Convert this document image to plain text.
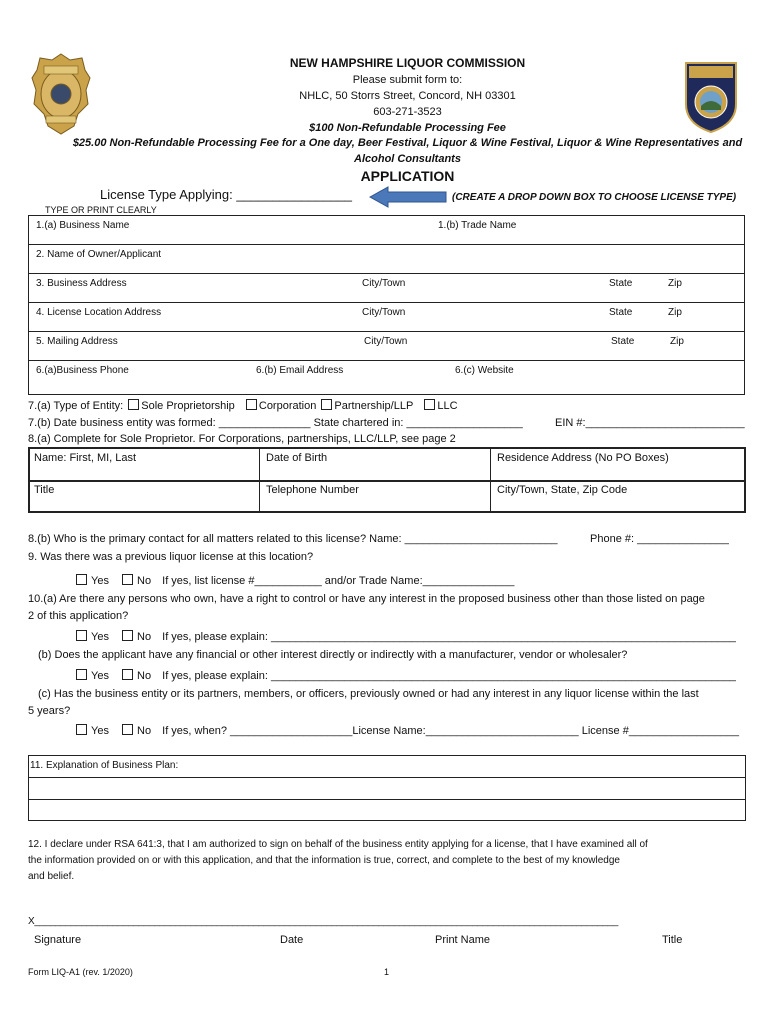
NEW HAMPSHIRE LIQUOR COMMISSION
Please submit form to:
NHLC, 50 Storrs Street, Concord, NH 03301
603-271-3523
$100 Non-Refundable Processing Fee
$25.00 Non-Refundable Processing Fee for a One day, Beer Festival, Liquor & Wine Festival, Liquor & Wine Representatives and
Alcohol Consultants
APPLICATION
License Type Applying: ________________	(CREATE A DROP DOWN BOX TO CHOOSE LICENSE TYPE)
TYPE OR PRINT CLEARLY
1.(a) Business Name	1.(b) Trade Name
2. Name of Owner/Applicant
3. Business Address	City/Town	State	Zip
4. License Location Address	City/Town	State	Zip
5. Mailing Address	City/Town	State	Zip
6.(a)Business Phone	6.(b) Email Address	6.(c) Website
7.(a) Type of Entity: Sole Proprietorship Corporation Partnership/LLP LLC
7.(b) Date business entity was formed: _______________ State chartered in: ___________________	EIN #:__________________________
8.(a) Complete for Sole Proprietor. For Corporations, partnerships, LLC/LLP, see page 2
Name: First, MI, Last	Date of Birth	Residence Address (No PO Boxes)
Title	Telephone Number	City/Town, State, Zip Code
8.(b) Who is the primary contact for all matters related to this license? Name: _________________________	Phone #: _______________
9. Was there was a previous liquor license at this location?
Yes	No If yes, list license #___________ and/or Trade Name:_______________
10.(a) Are there any persons who own, have a right to control or have any interest in the proposed business other than those listed on page
2 of this application?
Yes	No If yes, please explain: ____________________________________________________________________________
(b) Does the applicant have any financial or other interest directly or indirectly with a manufacturer, vendor or wholesaler?
Yes	No If yes, please explain: ____________________________________________________________________________
(c) Has the business entity or its partners, members, or officers, previously owned or had any interest in any liquor license within the last
5 years?
Yes	No If yes, when? ____________________License Name:_________________________ License #__________________
11. Explanation of Business Plan:
12. I declare under RSA 641:3, that I am authorized to sign on behalf of the business entity applying for a license, that I have examined all of
the information provided on or with this application, and that the information is true, correct, and complete to the best of my knowledge
and belief.
X________________________________________________________________________________________________________________
Signature	Date	Print Name	Title
Form LIQ-A1 (rev. 1/2020)	1
